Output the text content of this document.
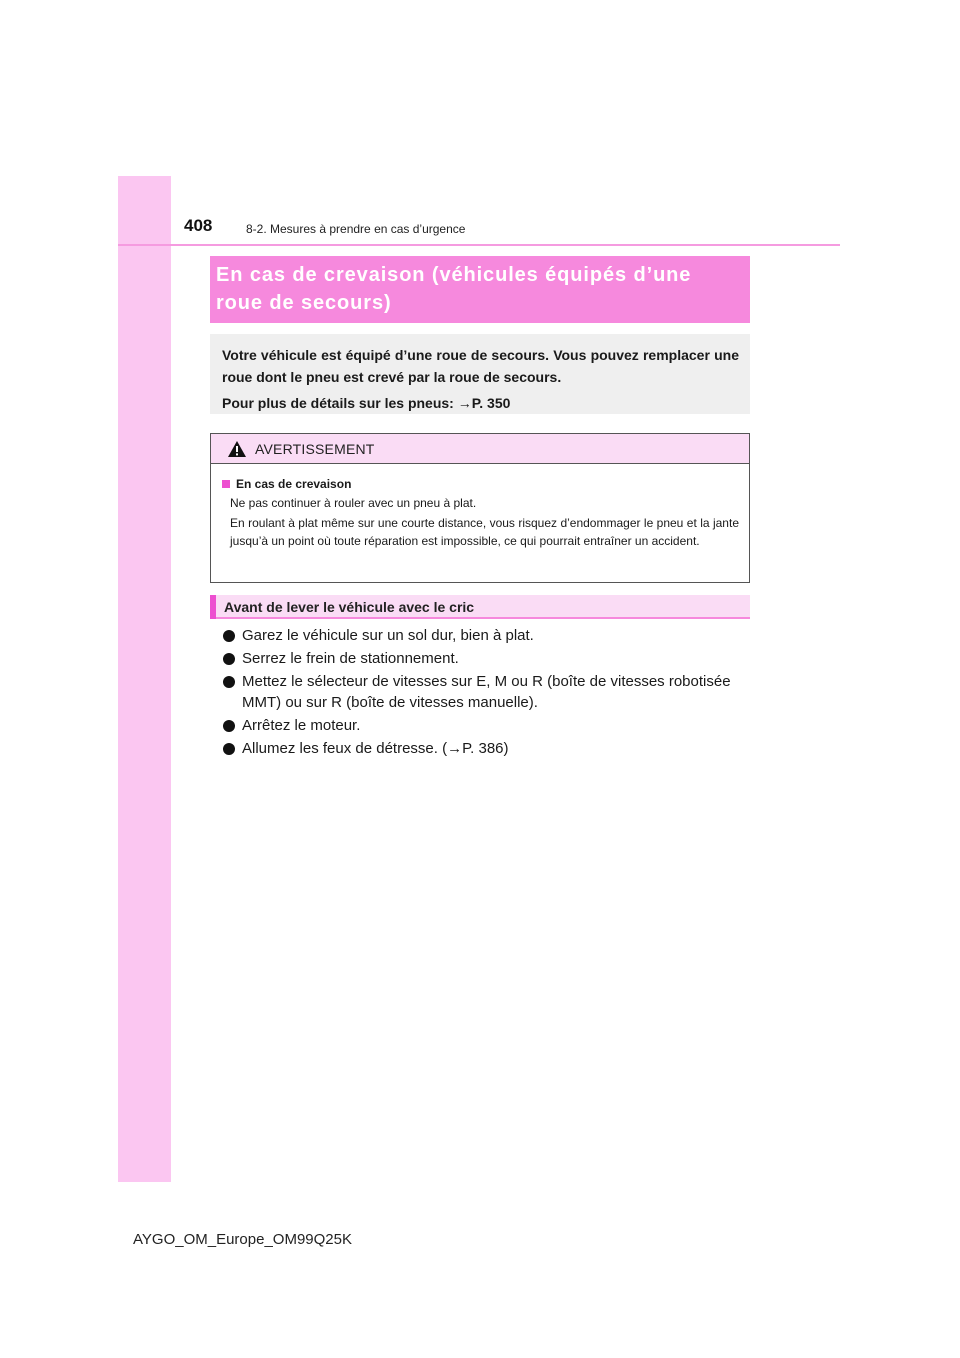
408	8-2. Mesures à prendre en cas d’urgence
En cas de crevaison (véhicules équipés d’une
roue de secours)
Votre véhicule est équipé d’une roue de secours. Vous pouvez remplacer une roue dont le pneu est crevé par la roue de secours.
Pour plus de détails sur les pneus: →P. 350
AVERTISSEMENT
En cas de crevaison
Ne pas continuer à rouler avec un pneu à plat.
En roulant à plat même sur une courte distance, vous risquez d’endommager le pneu et la jante jusqu’à un point où toute réparation est impossible, ce qui pourrait entraîner un accident.
Avant de lever le véhicule avec le cric
Garez le véhicule sur un sol dur, bien à plat.
Serrez le frein de stationnement.
Mettez le sélecteur de vitesses sur E, M ou R (boîte de vitesses robotisée MMT) ou sur R (boîte de vitesses manuelle).
Arrêtez le moteur.
Allumez les feux de détresse. (→P. 386)
AYGO_OM_Europe_OM99Q25K
